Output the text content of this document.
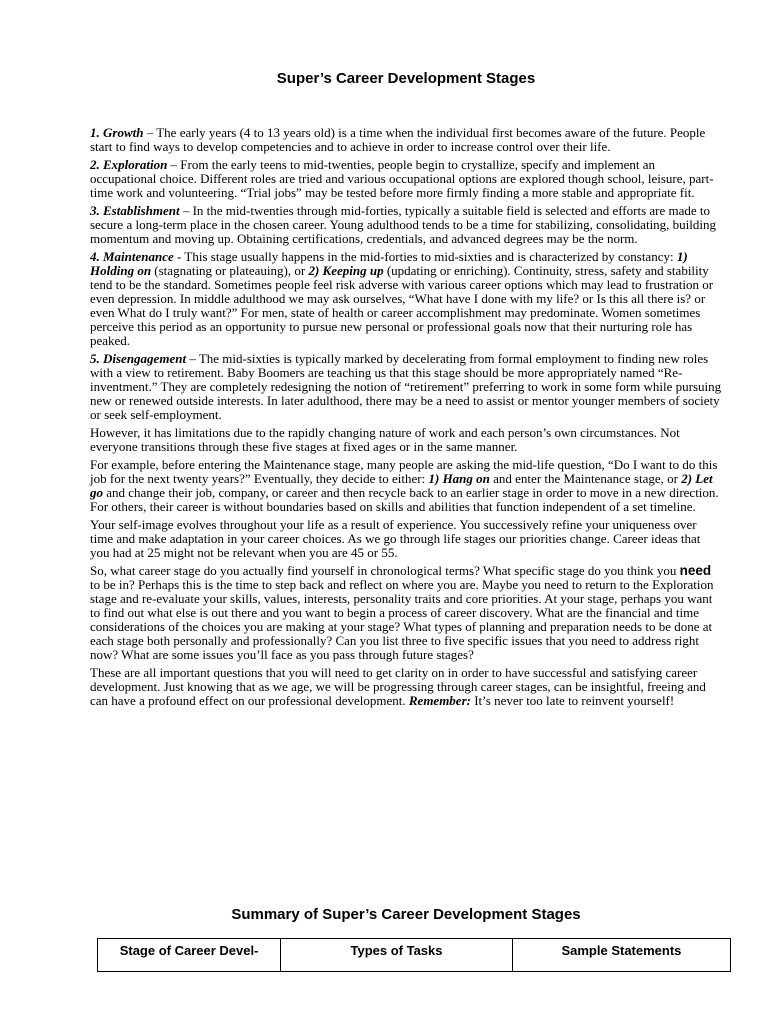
Super’s Career Development Stages

1. Growth – The early years (4 to 13 years old) is a time when the individual first becomes aware of the future. People start to find ways to develop competencies and to achieve in order to increase control over their life.

2. Exploration – From the early teens to mid-twenties, people begin to crystallize, specify and implement an occupational choice. Different roles are tried and various occupational options are explored though school, leisure, part-time work and volunteering. “Trial jobs” may be tested before more firmly finding a more stable and appropriate fit.

3. Establishment – In the mid-twenties through mid-forties, typically a suitable field is selected and efforts are made to secure a long-term place in the chosen career. Young adulthood tends to be a time for stabilizing, consolidating, building momentum and moving up. Obtaining certifications, credentials, and advanced degrees may be the norm.

4. Maintenance - This stage usually happens in the mid-forties to mid-sixties and is characterized by constancy: 1) Holding on (stagnating or plateauing), or 2) Keeping up (updating or enriching). Continuity, stress, safety and stability tend to be the standard. Sometimes people feel risk adverse with various career options which may lead to frustration or even depression. In middle adulthood we may ask ourselves, “What have I done with my life? or Is this all there is? or even What do I truly want?” For men, state of health or career accomplishment may predominate. Women sometimes perceive this period as an opportunity to pursue new personal or professional goals now that their nurturing role has peaked.

5. Disengagement – The mid-sixties is typically marked by decelerating from formal employment to finding new roles with a view to retirement. Baby Boomers are teaching us that this stage should be more appropriately named “Re-inventment.” They are completely redesigning the notion of “retirement” preferring to work in some form while pursuing new or renewed outside interests. In later adulthood, there may be a need to assist or mentor younger members of society or seek self-employment.

However, it has limitations due to the rapidly changing nature of work and each person’s own circumstances. Not everyone transitions through these five stages at fixed ages or in the same manner.

For example, before entering the Maintenance stage, many people are asking the mid-life question, “Do I want to do this job for the next twenty years?” Eventually, they decide to either: 1) Hang on and enter the Maintenance stage, or 2) Let go and change their job, company, or career and then recycle back to an earlier stage in order to move in a new direction. For others, their career is without boundaries based on skills and abilities that function independent of a set timeline.

Your self-image evolves throughout your life as a result of experience. You successively refine your uniqueness over time and make adaptation in your career choices. As we go through life stages our priorities change. Career ideas that you had at 25 might not be relevant when you are 45 or 55.

So, what career stage do you actually find yourself in chronological terms? What specific stage do you think you need to be in? Perhaps this is the time to step back and reflect on where you are. Maybe you need to return to the Exploration stage and re-evaluate your skills, values, interests, personality traits and core priorities. At your stage, perhaps you want to find out what else is out there and you want to begin a process of career discovery. What are the financial and time considerations of the choices you are making at your stage? What types of planning and preparation needs to be done at each stage both personally and professionally? Can you list three to five specific issues that you need to address right now? What are some issues you’ll face as you pass through future stages?

These are all important questions that you will need to get clarity on in order to have successful and satisfying career development. Just knowing that as we age, we will be progressing through career stages, can be insightful, freeing and can have a profound effect on our professional development. Remember: It’s never too late to reinvent yourself!

Summary of Super’s Career Development Stages
Stage of Career Devel-	Types of Tasks	Sample Statements
